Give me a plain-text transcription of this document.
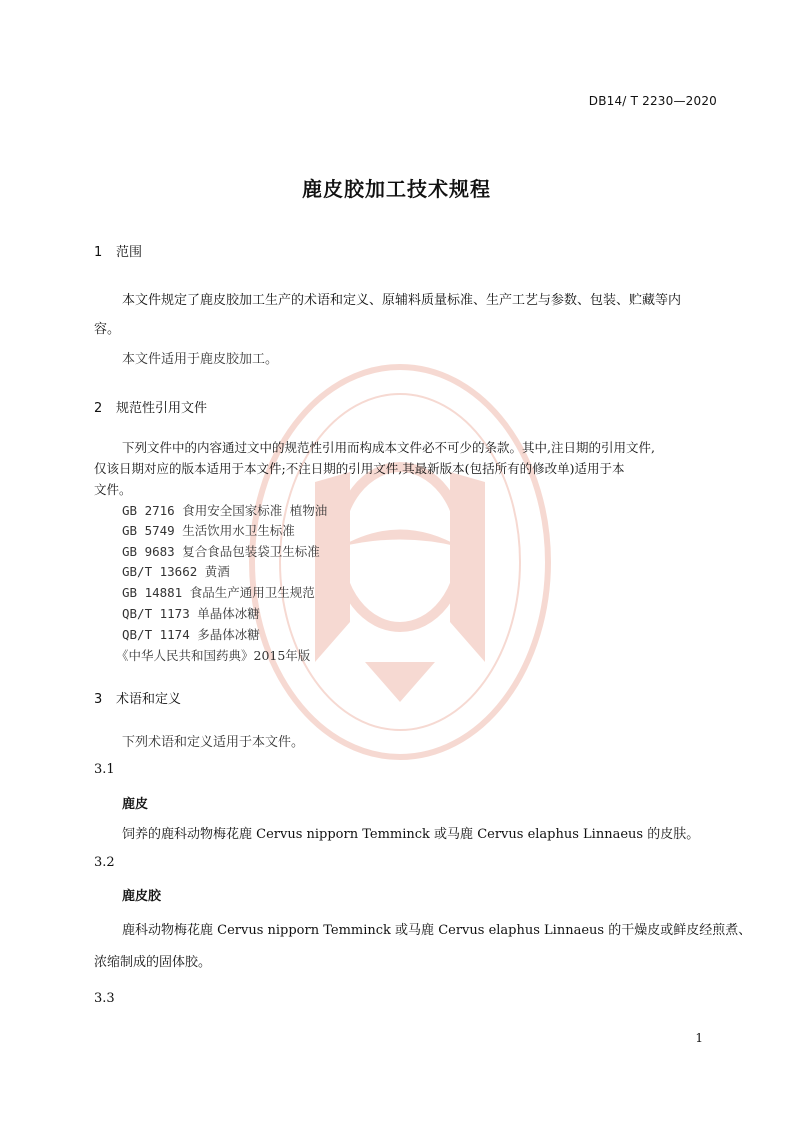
DB14/ T 2230—2020
鹿皮胶加工技术规程
1 范围
本文件规定了鹿皮胶加工生产的术语和定义、原辅料质量标准、生产工艺与参数、包装、贮藏等内
容。
本文件适用于鹿皮胶加工。
2 规范性引用文件
下列文件中的内容通过文中的规范性引用而构成本文件必不可少的条款。其中,注日期的引用文件,
仅该日期对应的版本适用于本文件;不注日期的引用文件,其最新版本(包括所有的修改单)适用于本
文件。
GB 2716 食用安全国家标准 植物油
GB 5749 生活饮用水卫生标准
GB 9683 复合食品包装袋卫生标准
GB/T 13662 黄酒
GB 14881 食品生产通用卫生规范
QB/T 1173 单晶体冰糖
QB/T 1174 多晶体冰糖
《中华人民共和国药典》2015年版
3 术语和定义
下列术语和定义适用于本文件。
3.1
鹿皮
饲养的鹿科动物梅花鹿 Cervus nipporn Temminck 或马鹿 Cervus elaphus Linnaeus 的皮肤。
3.2
鹿皮胶
鹿科动物梅花鹿 Cervus nipporn Temminck 或马鹿 Cervus elaphus Linnaeus 的干燥皮或鲜皮经煎煮、
浓缩制成的固体胶。
3.3
1
